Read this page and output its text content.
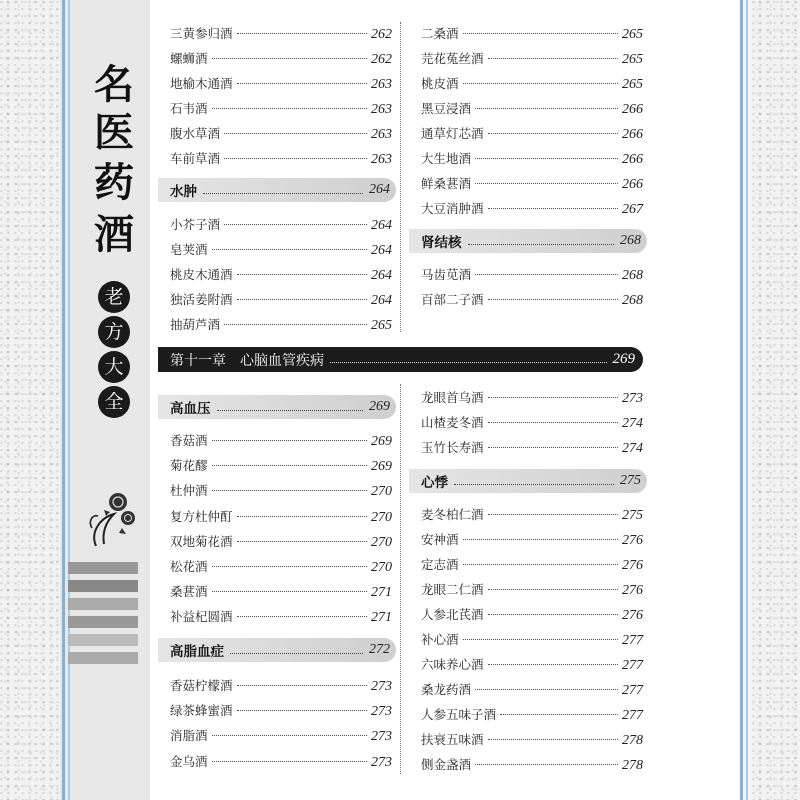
名
医
药
酒
老
方
大
全
三黄参归酒	262
螺蛳酒	262
地榆木通酒	263
石韦酒	263
腹水草酒	263
车前草酒	263
水肿	264
小芥子酒	264
皂荚酒	264
桃皮木通酒	264
独活姜附酒	264
抽葫芦酒	265
二桑酒	265
芫花菟丝酒	265
桃皮酒	265
黑豆浸酒	266
通草灯芯酒	266
大生地酒	266
鲜桑葚酒	266
大豆消肿酒	267
肾结核	268
马齿苋酒	268
百部二子酒	268
第十一章　心脑血管疾病	269
高血压	269
香菇酒	269
菊花醪	269
杜仲酒	270
复方杜仲酊	270
双地菊花酒	270
松花酒	270
桑葚酒	271
补益杞圆酒	271
高脂血症	272
香菇柠檬酒	273
绿茶蜂蜜酒	273
消脂酒	273
金乌酒	273
龙眼首乌酒	273
山楂麦冬酒	274
玉竹长寿酒	274
心悸	275
麦冬柏仁酒	275
安神酒	276
定志酒	276
龙眼二仁酒	276
人参北芪酒	276
补心酒	277
六味养心酒	277
桑龙药酒	277
人参五味子酒	277
扶衰五味酒	278
侧金盏酒	278
